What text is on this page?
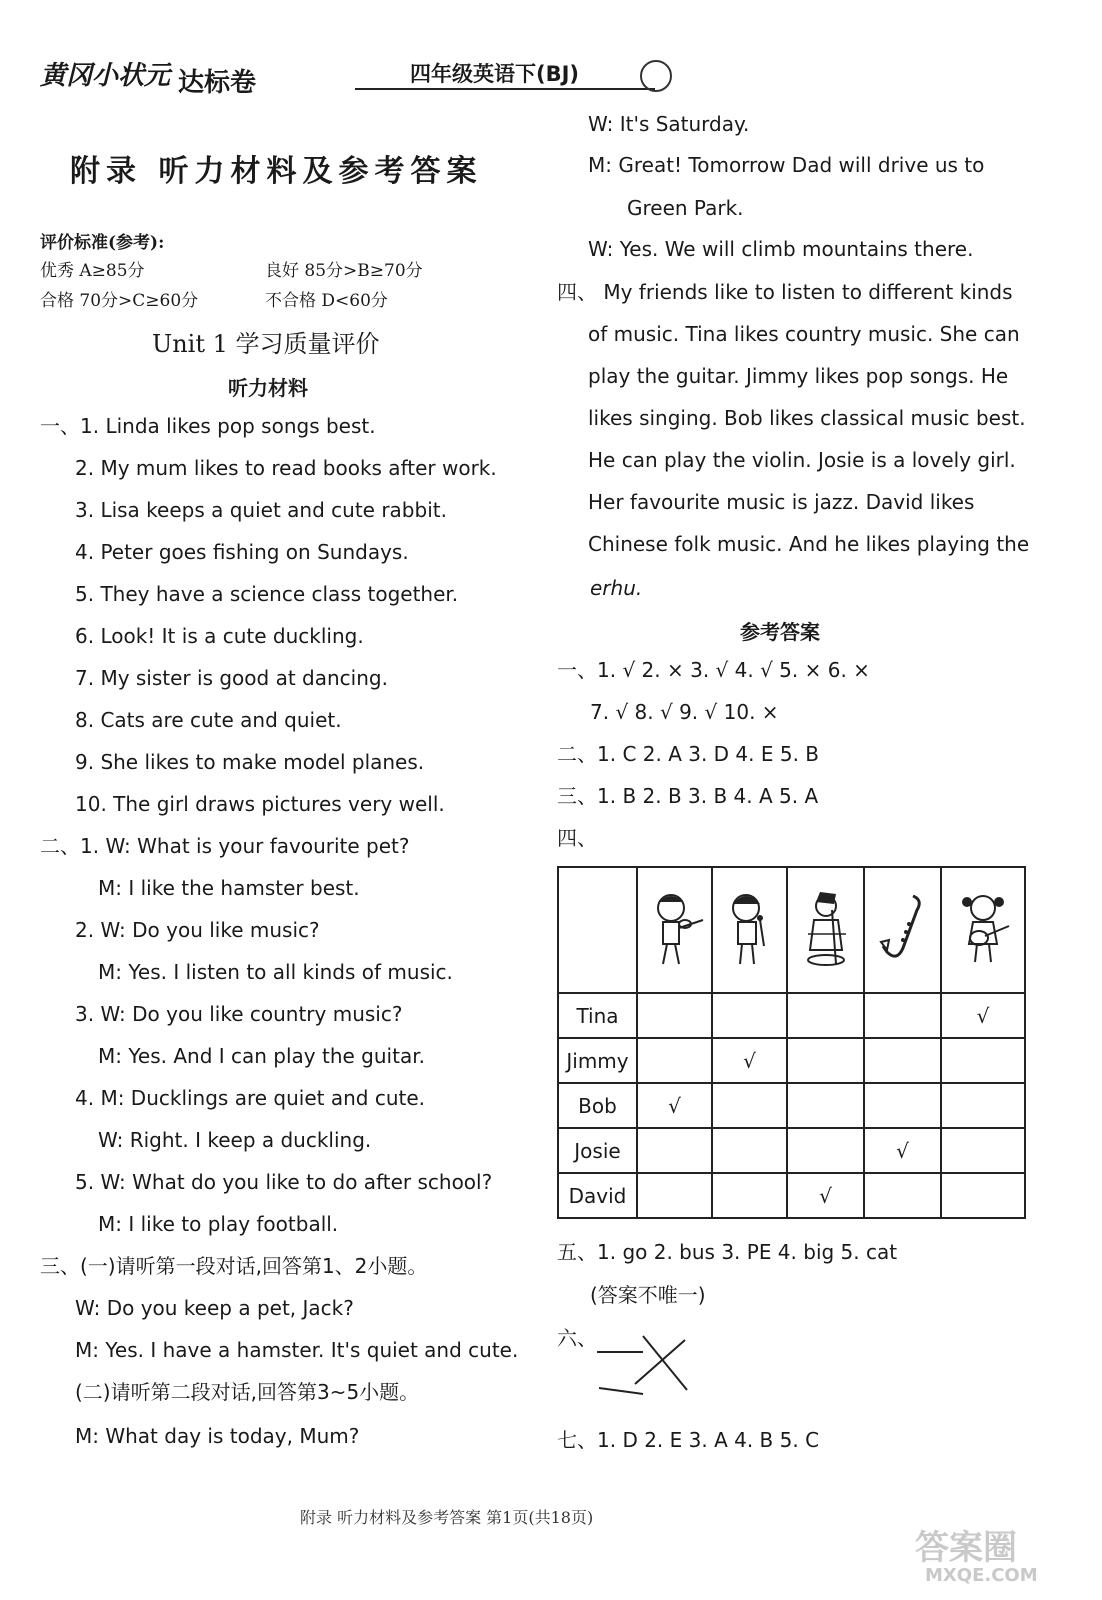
黄冈小状元 达标卷	四年级英语下(BJ)
附录 听力材料及参考答案
评价标准(参考):
优秀 A≥85分	良好 85分>B≥70分
合格 70分>C≥60分	不合格 D<60分
Unit 1 学习质量评价
听力材料
一、1. Linda likes pop songs best.
2. My mum likes to read books after work.
3. Lisa keeps a quiet and cute rabbit.
4. Peter goes fishing on Sundays.
5. They have a science class together.
6. Look! It is a cute duckling.
7. My sister is good at dancing.
8. Cats are cute and quiet.
9. She likes to make model planes.
10. The girl draws pictures very well.
二、1. W: What is your favourite pet?
M: I like the hamster best.
2. W: Do you like music?
M: Yes. I listen to all kinds of music.
3. W: Do you like country music?
M: Yes. And I can play the guitar.
4. M: Ducklings are quiet and cute.
W: Right. I keep a duckling.
5. W: What do you like to do after school?
M: I like to play football.
三、(一)请听第一段对话,回答第1、2小题。
W: Do you keep a pet, Jack?
M: Yes. I have a hamster. It's quiet and cute.
(二)请听第二段对话,回答第3~5小题。
M: What day is today, Mum?
W: It's Saturday.
M: Great! Tomorrow Dad will drive us to
Green Park.
W: Yes. We will climb mountains there.
四、 My friends like to listen to different kinds
of music. Tina likes country music. She can
play the guitar. Jimmy likes pop songs. He
likes singing. Bob likes classical music best.
He can play the violin. Josie is a lovely girl.
Her favourite music is jazz. David likes
Chinese folk music. And he likes playing the
erhu.
参考答案
一、1. √ 2. × 3. √ 4. √ 5. × 6. ×
7. √ 8. √ 9. √ 10. ×
二、1. C 2. A 3. D 4. E 5. B
三、1. B 2. B 3. B 4. A 5. A
四、

Tina					√
Jimmy		√			
Bob	√				
Josie				√	
David			√		
五、1. go 2. bus 3. PE 4. big 5. cat
(答案不唯一)
六、
七、1. D 2. E 3. A 4. B 5. C
附录 听力材料及参考答案 第1页(共18页)
答案圈
MXQE.COM
